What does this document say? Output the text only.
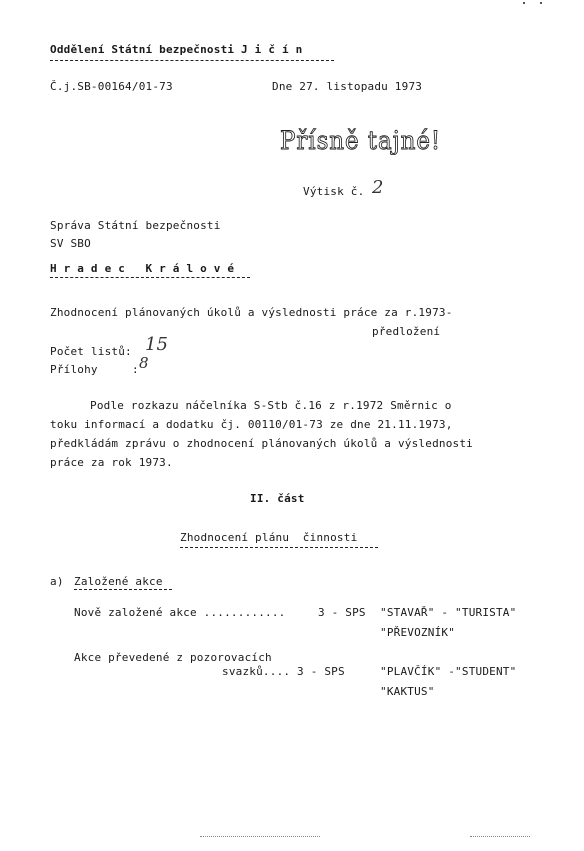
Oddělení Státní bezpečnosti J i č í n
Č.j.SB-00164/01-73	Dne 27. listopadu 1973
Přísně tajné!
Výtisk č. 2
Správa Státní bezpečnosti
SV SBO
H r a d e c   K r á l o v é
Zhodnocení plánovaných úkolů a výslednosti práce za r.1973-
předložení
Počet listů: 15
Přílohy	: 8
Podle rozkazu náčelníka S-Stb č.16 z r.1972 Směrnic o
toku informací a dodatku čj. 00110/01-73 ze dne 21.11.1973,
předkládám zprávu o zhodnocení plánovaných úkolů a výslednosti
práce za rok 1973.
II. část
Zhodnocení plánu  činnosti
a) Založené akce
Nově založené akce ............	3 - SPS "STAVAŘ" - "TURISTA"
"PŘEVOZNÍK"
Akce převedené z pozorovacích
svazků.... 3 - SPS	"PLAVČÍK" -"STUDENT"
"KAKTUS"
